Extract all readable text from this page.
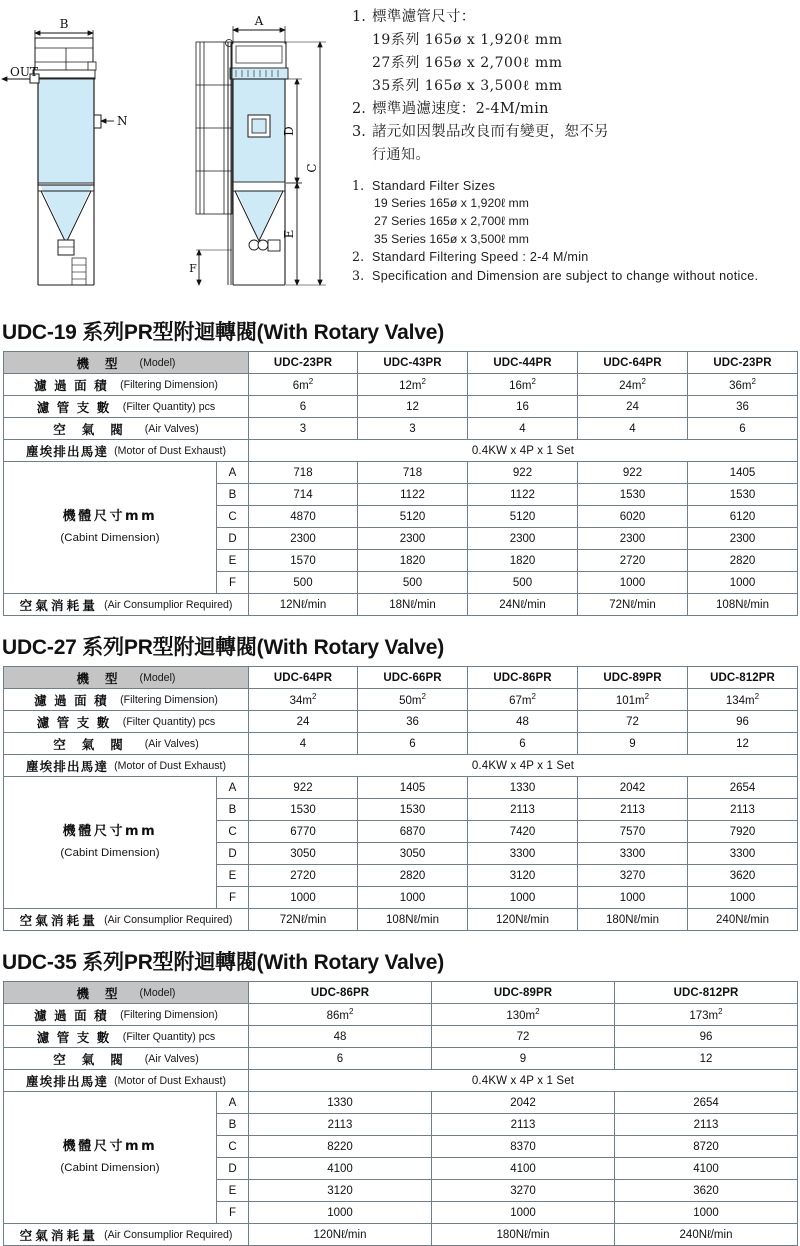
B
OUT
N
A
C
D
E
F
1. 標準濾管尺寸：
19系列 165ø x 1,920ℓ mm
27系列 165ø x 2,700ℓ mm
35系列 165ø x 3,500ℓ mm
2. 標準過濾速度：2-4M/min
3. 諸元如因製品改良而有變更，恕不另
行通知。
1. Standard Filter Sizes
19 Series 165ø x 1,920ℓ mm
27 Series 165ø x 2,700ℓ mm
35 Series 165ø x 3,500ℓ mm
2. Standard Filtering Speed : 2-4 M/min
3. Specification and Dimension are subject to change without notice.
UDC-19 系列PR型附迴轉閥(With Rotary Valve)
機型 (Model)		UDC-23PR	UDC-43PR	UDC-44PR	UDC-64PR	UDC-23PR
濾過面積 (Filtering Dimension)		$6m^2$	$12m^2$	$16m^2$	$24m^2$	$36m^2$
濾管支數 (Filter Quantity) pcs		6	12	16	24	36
空氣閥 (Air Valves)		3	3	4	4	6
塵埃排出馬達 (Motor of Dust Exhaust)		0.4KW x 4P x 1 Set				
機體尺寸mm
(Cabint Dimension)	A	718	718	922	922	1405
	B	714	1122	1122	1530	1530
	C	4870	5120	5120	6020	6120
	D	2300	2300	2300	2300	2300
	E	1570	1820	1820	2720	2820
	F	500	500	500	1000	1000
空氣消耗量 (Air Consumplior Required)		12Nℓ/min	18Nℓ/min	24Nℓ/min	72Nℓ/min	108Nℓ/min
UDC-27 系列PR型附迴轉閥(With Rotary Valve)
機型 (Model)		UDC-64PR	UDC-66PR	UDC-86PR	UDC-89PR	UDC-812PR
濾過面積 (Filtering Dimension)		$34m^2$	$50m^2$	$67m^2$	$101m^2$	$134m^2$
濾管支數 (Filter Quantity) pcs		24	36	48	72	96
空氣閥 (Air Valves)		4	6	6	9	12
塵埃排出馬達 (Motor of Dust Exhaust)		0.4KW x 4P x 1 Set				
機體尺寸mm
(Cabint Dimension)	A	922	1405	1330	2042	2654
	B	1530	1530	2113	2113	2113
	C	6770	6870	7420	7570	7920
	D	3050	3050	3300	3300	3300
	E	2720	2820	3120	3270	3620
	F	1000	1000	1000	1000	1000
空氣消耗量 (Air Consumplior Required)		72Nℓ/min	108Nℓ/min	120Nℓ/min	180Nℓ/min	240Nℓ/min
UDC-35 系列PR型附迴轉閥(With Rotary Valve)
機型 (Model)		UDC-86PR	UDC-89PR	UDC-812PR
濾過面積 (Filtering Dimension)		$86m^2$	$130m^2$	$173m^2$
濾管支數 (Filter Quantity) pcs		48	72	96
空氣閥 (Air Valves)		6	9	12
塵埃排出馬達 (Motor of Dust Exhaust)		0.4KW x 4P x 1 Set		
機體尺寸mm
(Cabint Dimension)	A	1330	2042	2654
	B	2113	2113	2113
	C	8220	8370	8720
	D	4100	4100	4100
	E	3120	3270	3620
	F	1000	1000	1000
空氣消耗量 (Air Consumplior Required)		120Nℓ/min	180Nℓ/min	240Nℓ/min
